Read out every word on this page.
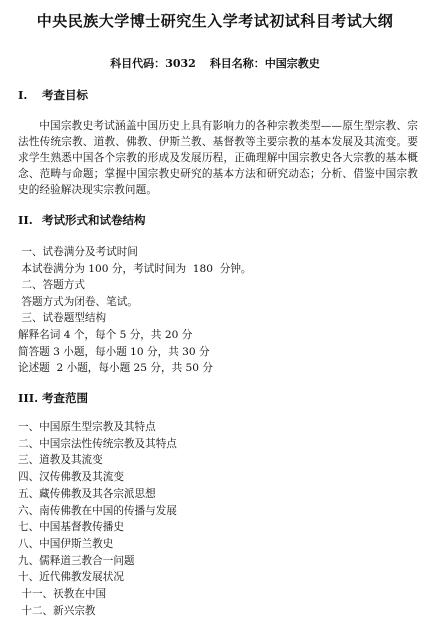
中央民族大学博士研究生入学考试初试科目考试大纲
科目代码：3032 科目名称：中国宗教史
I. 考查目标
中国宗教史考试涵盖中国历史上具有影响力的各种宗教类型——原生型宗教、宗法性传统宗教、道教、佛教、伊斯兰教、基督教等主要宗教的基本发展及其流变。要求学生熟悉中国各个宗教的形成及发展历程，正确理解中国宗教史各大宗教的基本概念、范畴与命题；掌握中国宗教史研究的基本方法和研究动态；分析、借鉴中国宗教史的经验解决现实宗教问题。
II. 考试形式和试卷结构
一、试卷满分及考试时间
本试卷满分为 100 分，考试时间为  180  分钟。
二、答题方式
答题方式为闭卷、笔试。
三、试卷题型结构
解释名词 4 个，每个 5 分，共 20 分
简答题 3 小题，每小题 10 分，共 30 分
论述题  2 小题，每小题 25 分，共 50 分
III. 考查范围
一、中国原生型宗教及其特点
二、中国宗法性传统宗教及其特点
三、道教及其流变
四、汉传佛教及其流变
五、藏传佛教及其各宗派思想
六、南传佛教在中国的传播与发展
七、中国基督教传播史
八、中国伊斯兰教史
九、儒释道三教合一问题
十、近代佛教发展状况
十一、祆教在中国
十二、新兴宗教
